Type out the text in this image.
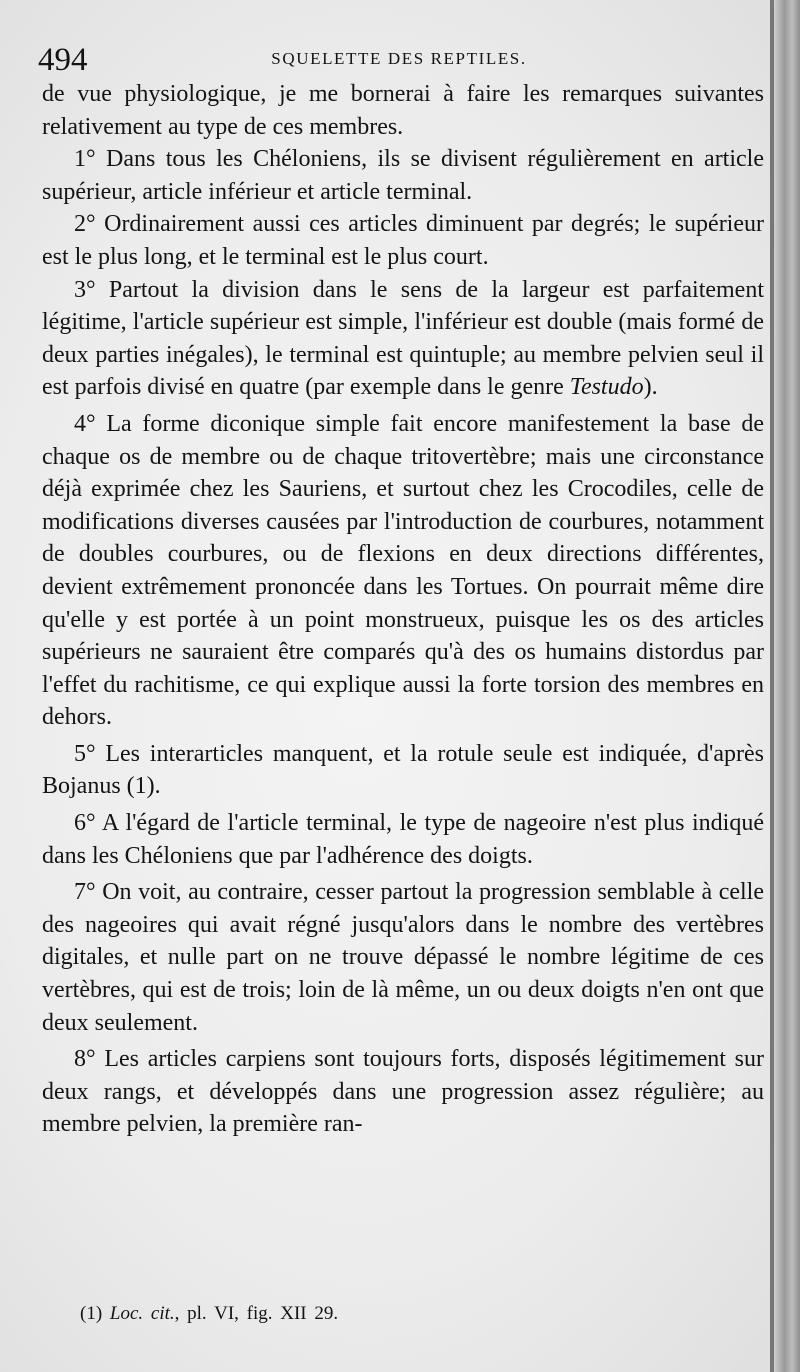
494	SQUELETTE DES REPTILES.

de vue physiologique, je me bornerai à faire les remarques suivantes relativement au type de ces membres.

1° Dans tous les Chéloniens, ils se divisent régulièrement en article supérieur, article inférieur et article terminal.

2° Ordinairement aussi ces articles diminuent par degrés; le supérieur est le plus long, et le terminal est le plus court.

3° Partout la division dans le sens de la largeur est parfaitement légitime, l'article supérieur est simple, l'inférieur est double (mais formé de deux parties inégales), le terminal est quintuple; au membre pelvien seul il est parfois divisé en quatre (par exemple dans le genre Testudo).

4° La forme diconique simple fait encore manifestement la base de chaque os de membre ou de chaque tritovertèbre; mais une circonstance déjà exprimée chez les Sauriens, et surtout chez les Crocodiles, celle de modifications diverses causées par l'introduction de courbures, notamment de doubles courbures, ou de flexions en deux directions différentes, devient extrêmement prononcée dans les Tortues. On pourrait même dire qu'elle y est portée à un point monstrueux, puisque les os des articles supérieurs ne sauraient être comparés qu'à des os humains distordus par l'effet du rachitisme, ce qui explique aussi la forte torsion des membres en dehors.

5° Les interarticles manquent, et la rotule seule est indiquée, d'après Bojanus (1).

6° A l'égard de l'article terminal, le type de nageoire n'est plus indiqué dans les Chéloniens que par l'adhérence des doigts.

7° On voit, au contraire, cesser partout la progression semblable à celle des nageoires qui avait régné jusqu'alors dans le nombre des vertèbres digitales, et nulle part on ne trouve dépassé le nombre légitime de ces vertèbres, qui est de trois; loin de là même, un ou deux doigts n'en ont que deux seulement.

8° Les articles carpiens sont toujours forts, disposés légitimement sur deux rangs, et développés dans une progression assez régulière; au membre pelvien, la première ran-

(1) Loc. cit., pl. VI, fig. XII 29.
